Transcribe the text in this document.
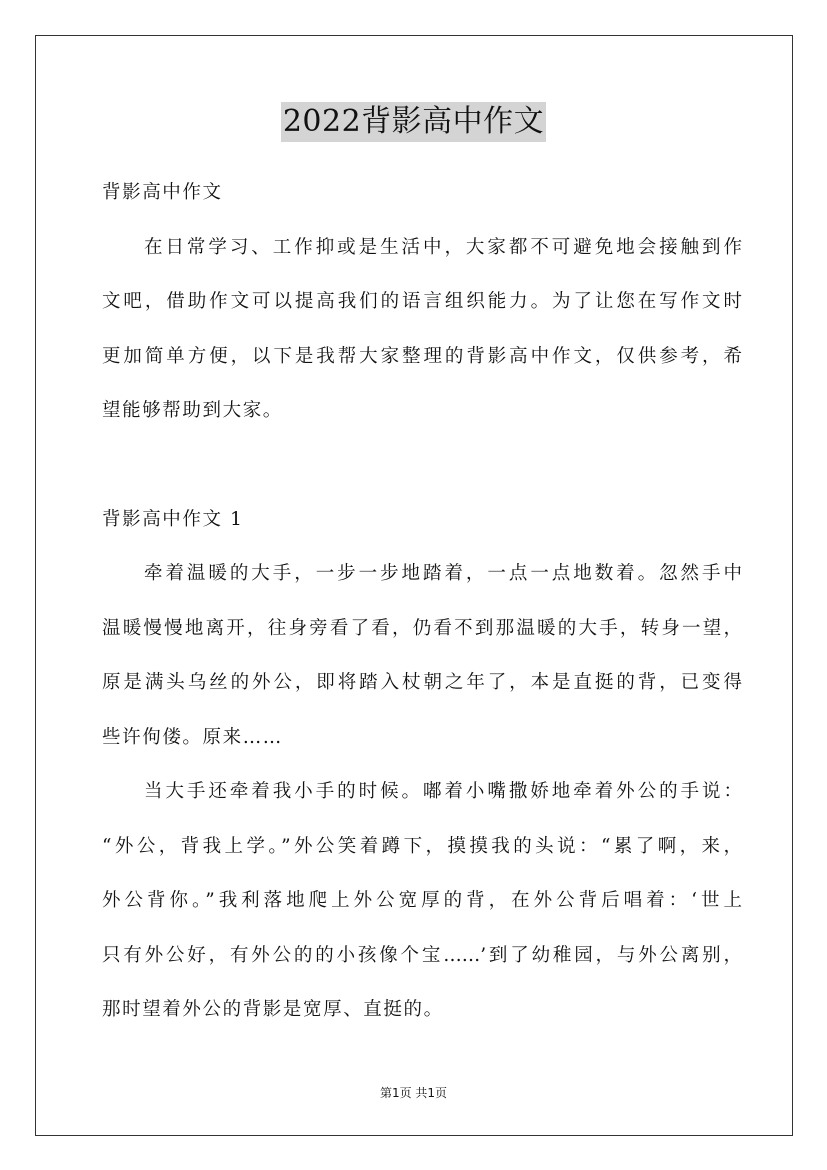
2022背影高中作文
背影高中作文
在日常学习、工作抑或是生活中，大家都不可避免地会接触到作
文吧，借助作文可以提高我们的语言组织能力。为了让您在写作文时
更加简单方便，以下是我帮大家整理的背影高中作文，仅供参考，希
望能够帮助到大家。
背影高中作文 1
牵着温暖的大手，一步一步地踏着，一点一点地数着。忽然手中
温暖慢慢地离开，往身旁看了看，仍看不到那温暖的大手，转身一望，
原是满头乌丝的外公，即将踏入杖朝之年了，本是直挺的背，已变得
些许佝偻。原来……
当大手还牵着我小手的时候。嘟着小嘴撒娇地牵着外公的手说：
“外公，背我上学。”外公笑着蹲下，摸摸我的头说：“累了啊，来，
外公背你。”我利落地爬上外公宽厚的背，在外公背后唱着：‘世上
只有外公好，有外公的的小孩像个宝……’到了幼稚园，与外公离别，
那时望着外公的背影是宽厚、直挺的。
第1页 共1页
